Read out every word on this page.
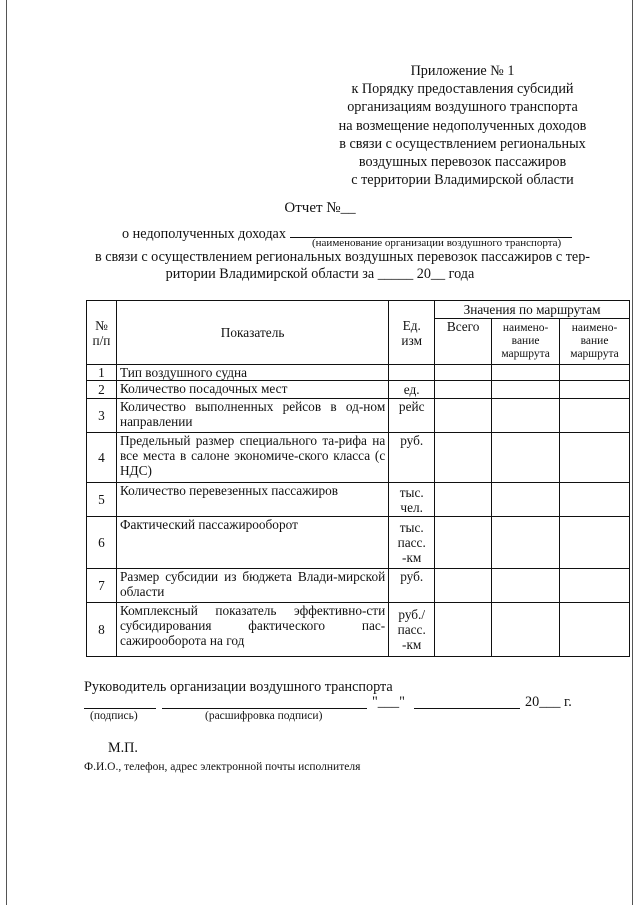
Приложение № 1
к Порядку предоставления субсидий
организациям воздушного транспорта
на возмещение недополученных доходов
в связи с осуществлением региональных
воздушных перевозок пассажиров
с территории Владимирской области
Отчет №__
о недополученных доходах
(наименование организации воздушного транспорта)
в связи с осуществлением региональных воздушных перевозок пассажиров с тер-
ритории Владимирской области за _____ 20__ года
№ п/п	Показатель	Ед. изм	Значения по маршрутам		
			Всего	наимено-вание маршрута	наимено-вание маршрута
1	Тип воздушного судна				
2	Количество посадочных мест	ед.			
3	Количество выполненных рейсов в од-ном направлении	рейс			
4	Предельный размер специального та-рифа на все места в салоне экономиче-ского класса (с НДС)	руб.			
5	Количество перевезенных пассажиров	тыс. чел.			
6	Фактический пассажирооборот	тыс. пасс. -км			
7	Размер субсидии из бюджета Влади-мирской области	руб.			
8	Комплексный показатель эффективно-сти субсидирования фактического пас-сажирооборота на год	руб./ пасс. -км			
Руководитель организации воздушного транспорта
"___"	20___ г.
(подпись)	(расшифровка подписи)
М.П.
Ф.И.О., телефон, адрес электронной почты исполнителя
